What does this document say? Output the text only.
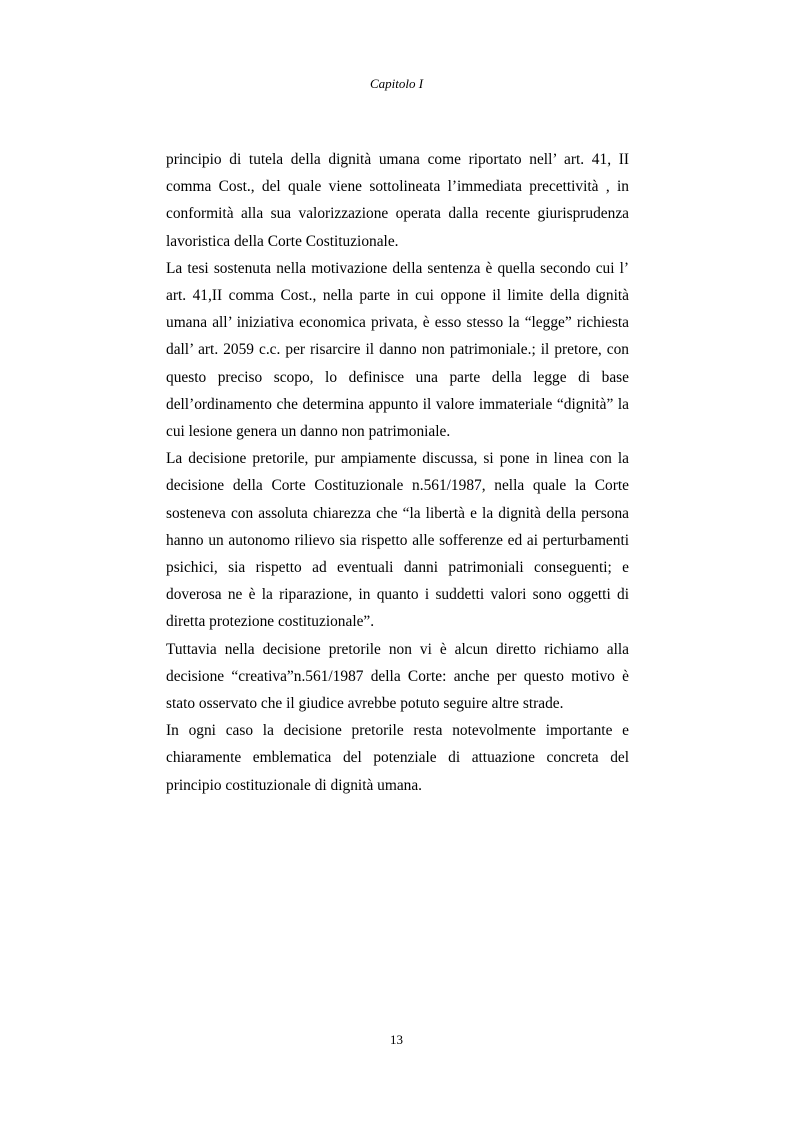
Capitolo I

principio di tutela della dignità umana come riportato nell’ art. 41, II comma Cost., del quale viene sottolineata l’immediata precettività , in conformità alla sua valorizzazione operata dalla recente giurisprudenza lavoristica della Corte Costituzionale.

La tesi sostenuta nella motivazione della sentenza è quella secondo cui l’ art. 41,II comma Cost., nella parte in cui oppone il limite della dignità umana all’ iniziativa economica privata, è esso stesso la “legge” richiesta dall’ art. 2059 c.c. per risarcire il danno non patrimoniale.; il pretore, con questo preciso scopo, lo definisce una parte della legge di base dell’ordinamento che determina appunto il valore immateriale “dignità” la cui lesione genera un danno non patrimoniale.

La decisione pretorile, pur ampiamente discussa, si pone in linea con la decisione della Corte Costituzionale n.561/1987, nella quale la Corte sosteneva con assoluta chiarezza che “la libertà e la dignità della persona hanno un autonomo rilievo sia rispetto alle sofferenze ed ai perturbamenti psichici, sia rispetto ad eventuali danni patrimoniali conseguenti; e doverosa ne è la riparazione, in quanto i suddetti valori sono oggetti di diretta protezione costituzionale”.

Tuttavia nella decisione pretorile non vi è alcun diretto richiamo alla decisione “creativa”n.561/1987 della Corte: anche per questo motivo è stato osservato che il giudice avrebbe potuto seguire altre strade.

In ogni caso la decisione pretorile resta notevolmente importante e chiaramente emblematica del potenziale di attuazione concreta del principio costituzionale di dignità umana.

13
